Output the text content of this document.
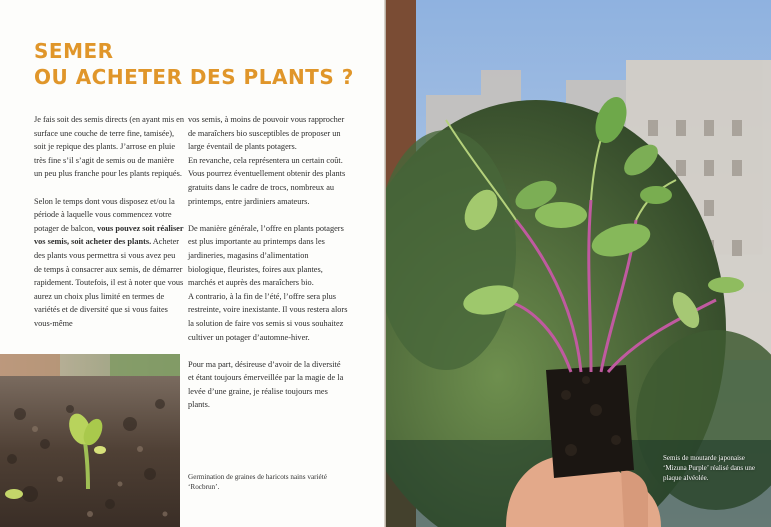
SEMER
OU ACHETER DES PLANTS ?

Je fais soit des semis directs (en ayant mis en surface une couche de terre fine, tamisée), soit je repique des plants. J’arrose en pluie très fine s’il s’agit de semis ou de manière un peu plus franche pour les plants repiqués.

Selon le temps dont vous disposez et/ou la période à laquelle vous commencez votre potager de balcon, vous pouvez soit réaliser vos semis, soit acheter des plants. Acheter des plants vous permettra si vous avez peu de temps à consacrer aux semis, de démarrer rapidement. Toutefois, il est à noter que vous aurez un choix plus limité en termes de variétés et de diversité que si vous faites vous-même

vos semis, à moins de pouvoir vous rapprocher de maraîchers bio susceptibles de proposer un large éventail de plants potagers.

En revanche, cela représentera un certain coût. Vous pourrez éventuellement obtenir des plants gratuits dans le cadre de trocs, nombreux au printemps, entre jardiniers amateurs.

De manière générale, l’offre en plants potagers est plus importante au printemps dans les jardineries, magasins d’alimentation biologique, fleuristes, foires aux plantes, marchés et auprès des maraîchers bio.

A contrario, à la fin de l’été, l’offre sera plus restreinte, voire inexistante. Il vous restera alors la solution de faire vos semis si vous souhaitez cultiver un potager d’automne-hiver.

Pour ma part, désireuse d’avoir de la diversité et étant toujours émerveillée par la magie de la levée d’une graine, je réalise toujours mes plants.

Germination de graines de haricots nains variété ‘Rocbrun’.
Semis de moutarde japonaise ‘Mizuna Purple’ réalisé dans une plaque alvéolée.
